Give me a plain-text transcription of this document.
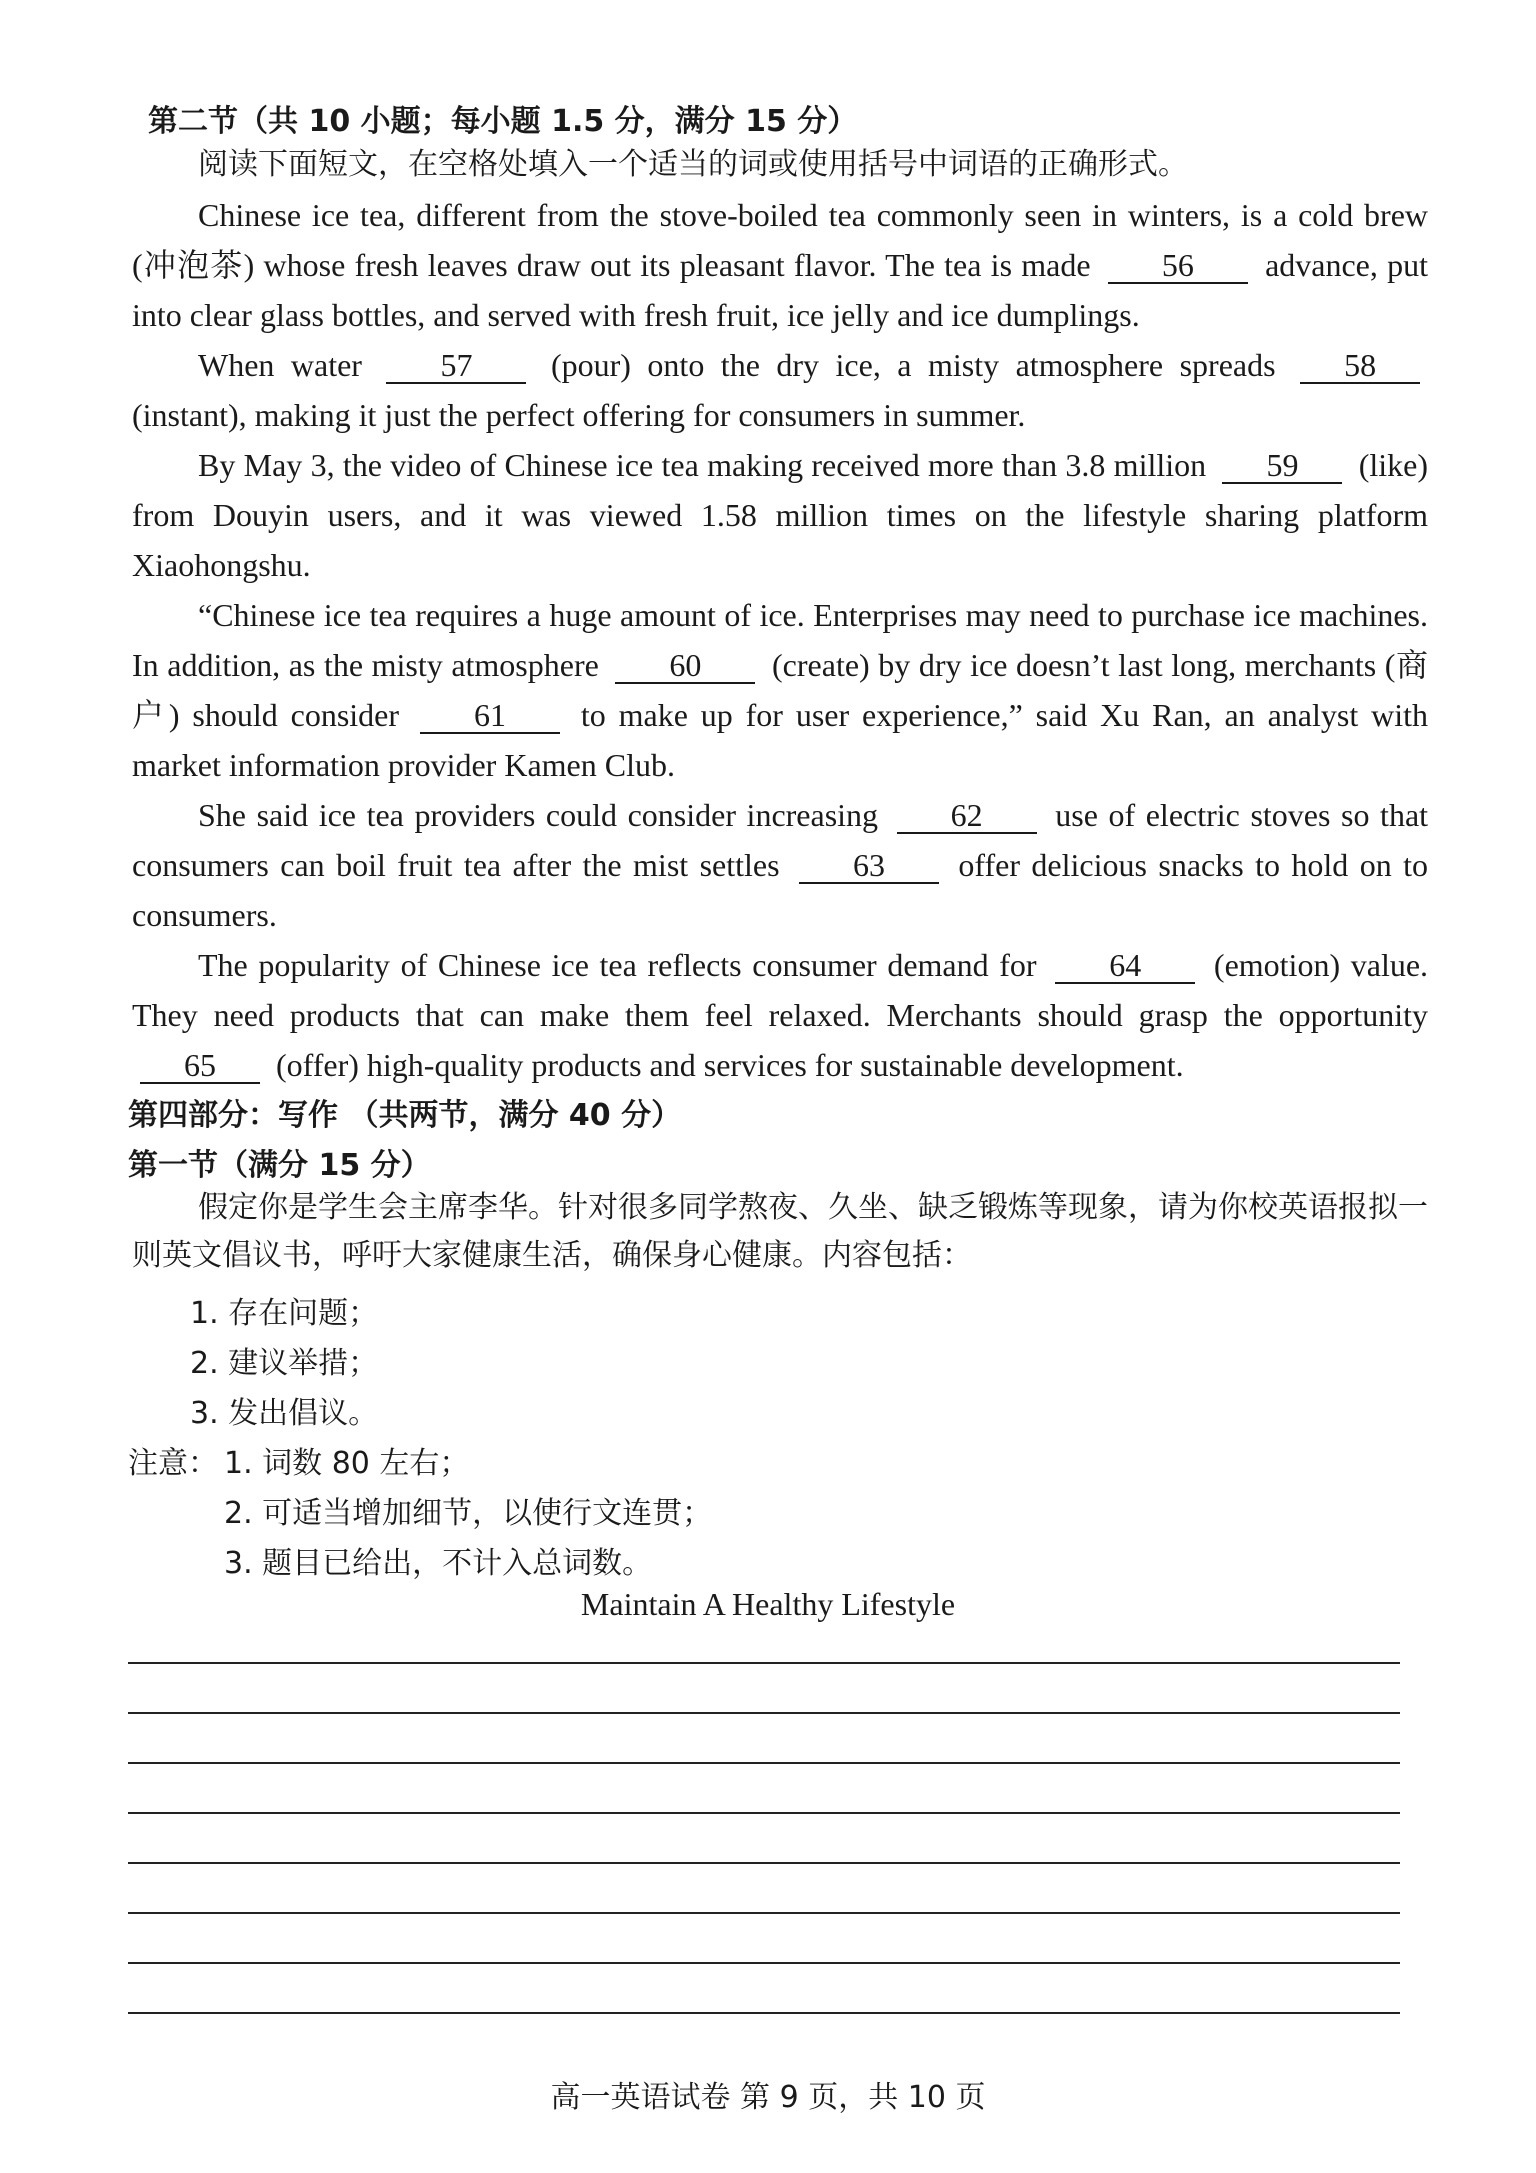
第二节（共 10 小题；每小题 1.5 分，满分 15 分）
阅读下面短文，在空格处填入一个适当的词或使用括号中词语的正确形式。

Chinese ice tea, different from the stove-boiled tea commonly seen in winters, is a cold brew (冲泡茶) whose fresh leaves draw out its pleasant flavor. The tea is made 56 advance, put into clear glass bottles, and served with fresh fruit, ice jelly and ice dumplings.

When water 57 (pour) onto the dry ice, a misty atmosphere spreads 58 (instant), making it just the perfect offering for consumers in summer.

By May 3, the video of Chinese ice tea making received more than 3.8 million 59 (like) from Douyin users, and it was viewed 1.58 million times on the lifestyle sharing platform Xiaohongshu.

“Chinese ice tea requires a huge amount of ice. Enterprises may need to purchase ice machines. In addition, as the misty atmosphere 60 (create) by dry ice doesn’t last long, merchants (商户) should consider 61 to make up for user experience,” said Xu Ran, an analyst with market information provider Kamen Club.

She said ice tea providers could consider increasing 62 use of electric stoves so that consumers can boil fruit tea after the mist settles 63 offer delicious snacks to hold on to consumers.

The popularity of Chinese ice tea reflects consumer demand for 64 (emotion) value. They need products that can make them feel relaxed. Merchants should grasp the opportunity 65 (offer) high-quality products and services for sustainable development.

第四部分：写作 （共两节，满分 40 分）
第一节（满分 15 分）
假定你是学生会主席李华。针对很多同学熬夜、久坐、缺乏锻炼等现象，请为你校英语报拟一则英文倡议书，呼吁大家健康生活，确保身心健康。内容包括：
1. 存在问题；
2. 建议举措；
3. 发出倡议。
注意： 1. 词数 80 左右；
2. 可适当增加细节，以使行文连贯；
3. 题目已给出，不计入总词数。
Maintain A Healthy Lifestyle
高一英语试卷 第 9 页，共 10 页
